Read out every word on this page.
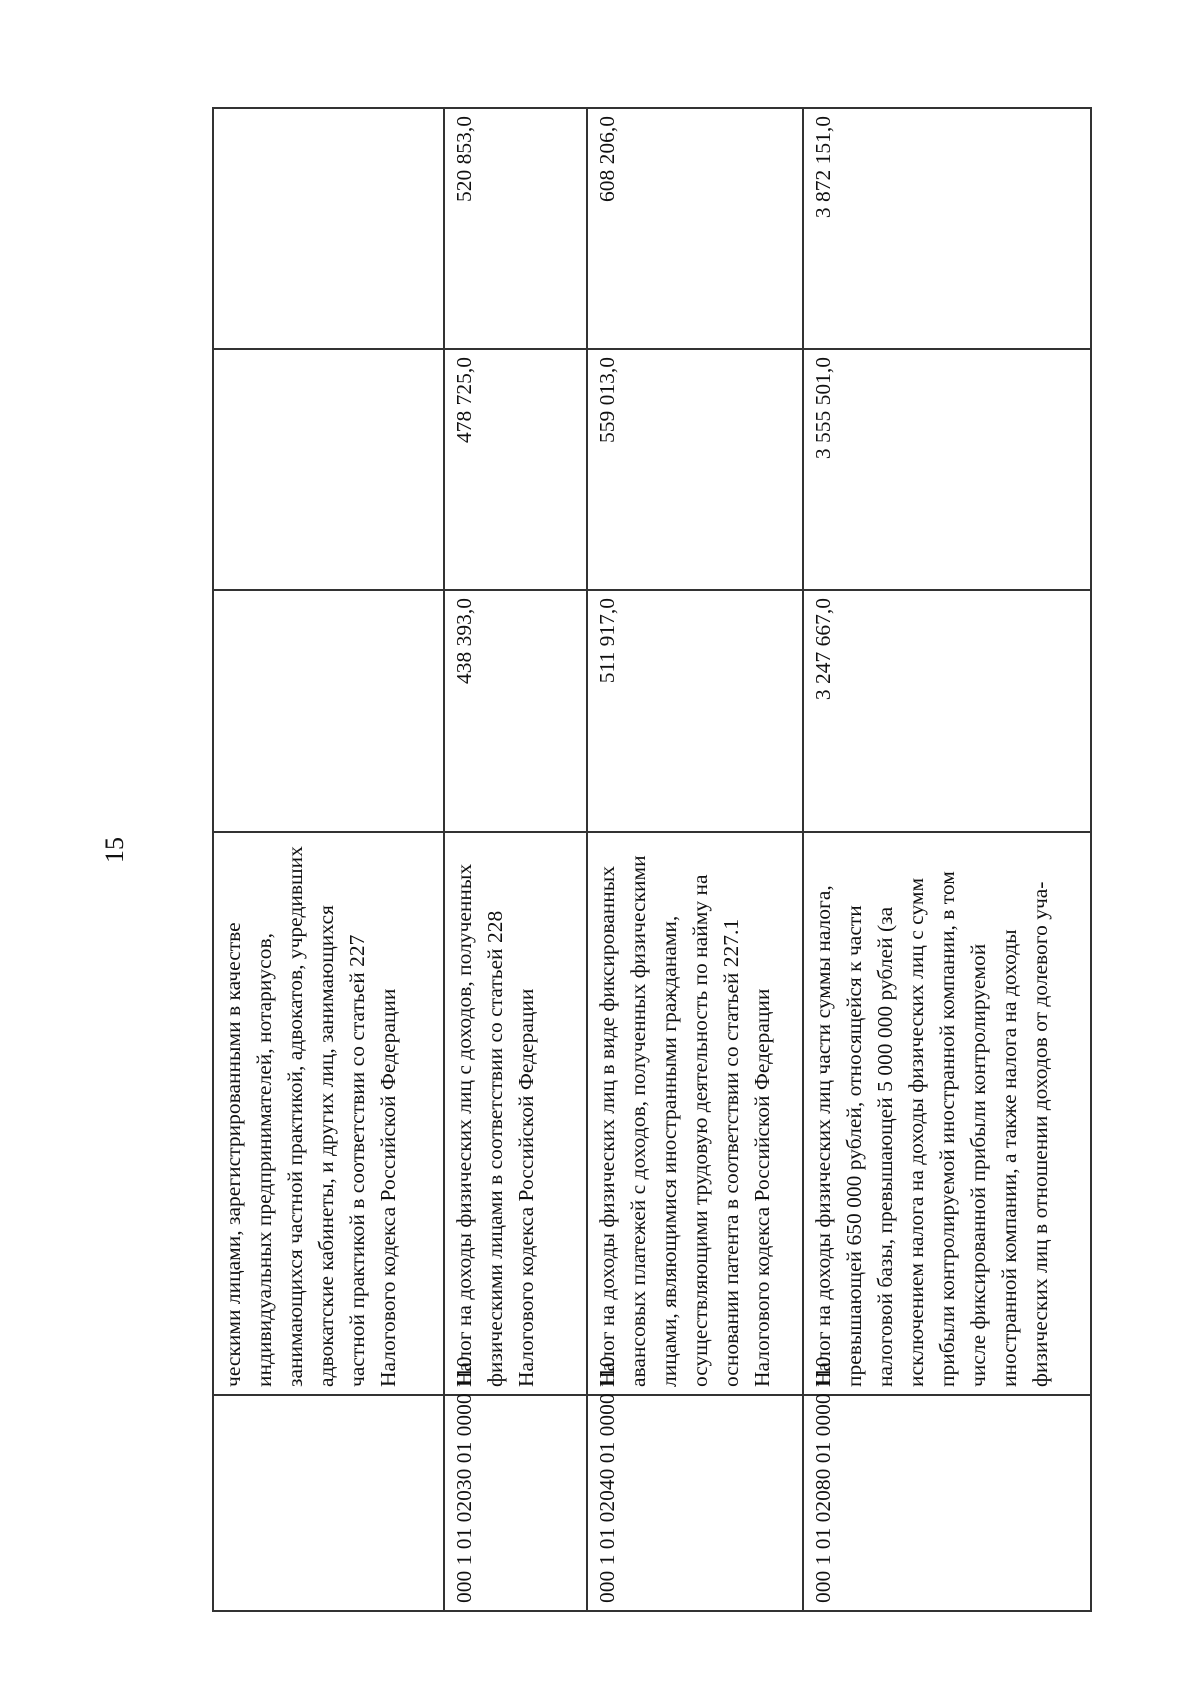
15
	ческими лицами, зарегистрированными в качестве индивидуальных предпринимателей, нотариусов, занимающихся частной практикой, адвокатов, учредивших адвокатские кабинеты, и других лиц, занимающихся частной практикой в соответствии со статьей 227 Налогового кодекса Российской Федерации			
000 1 01 02030 01 0000 110	Налог на доходы физических лиц с доходов, полученных физическими лицами в соответствии со статьей 228 Налогового кодекса Российской Федерации	438 393,0	478 725,0	520 853,0
000 1 01 02040 01 0000 110	Налог на доходы физических лиц в виде фиксированных авансовых платежей с доходов, полученных физическими лицами, являющимися иностранными гражданами, осуществляющими трудовую деятельность по найму на основании патента в соответствии со статьей 227.1 Налогового кодекса Российской Федерации	511 917,0	559 013,0	608 206,0
000 1 01 02080 01 0000 110	Налог на доходы физических лиц части суммы налога, превышающей 650 000 рублей, относящейся к части налоговой базы, превышающей 5 000 000 рублей (за исключением налога на доходы физических лиц с сумм прибыли контролируемой иностранной компании, в том числе фиксированной прибыли контролируемой иностранной компании, а также налога на доходы физических лиц в отношении доходов от долевого уча-	3 247 667,0	3 555 501,0	3 872 151,0
